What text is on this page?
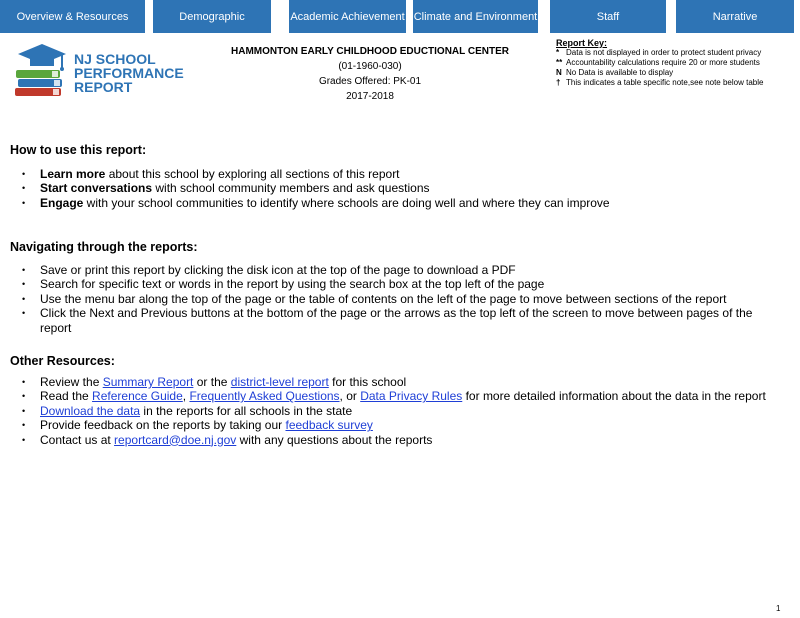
Overview & Resources	Demographic	Academic Achievement Climate and Environment	Staff	Narrative
NJ SCHOOL
PERFORMANCE
REPORT
HAMMONTON EARLY CHILDHOOD EDUCTIONAL CENTER
(01-1960-030)
Grades Offered: PK-01
2017-2018
Report Key:
* Data is not displayed in order to protect student privacy
** Accountability calculations require 20 or more students
N No Data is available to display
† This indicates a table specific note,see note below table
How to use this report:
• Learn more about this school by exploring all sections of this report
• Start conversations with school community members and ask questions
• Engage with your school communities to identify where schools are doing well and where they can improve
Navigating through the reports:
• Save or print this report by clicking the disk icon at the top of the page to download a PDF
• Search for specific text or words in the report by using the search box at the top left of the page
• Use the menu bar along the top of the page or the table of contents on the left of the page to move between sections of the report
• Click the Next and Previous buttons at the bottom of the page or the arrows as the top left of the screen to move between pages of the report
Other Resources:
• Review the Summary Report or the district-level report for this school
• Read the Reference Guide, Frequently Asked Questions, or Data Privacy Rules for more detailed information about the data in the report
• Download the data in the reports for all schools in the state
• Provide feedback on the reports by taking our feedback survey
• Contact us at reportcard@doe.nj.gov with any questions about the reports
1
